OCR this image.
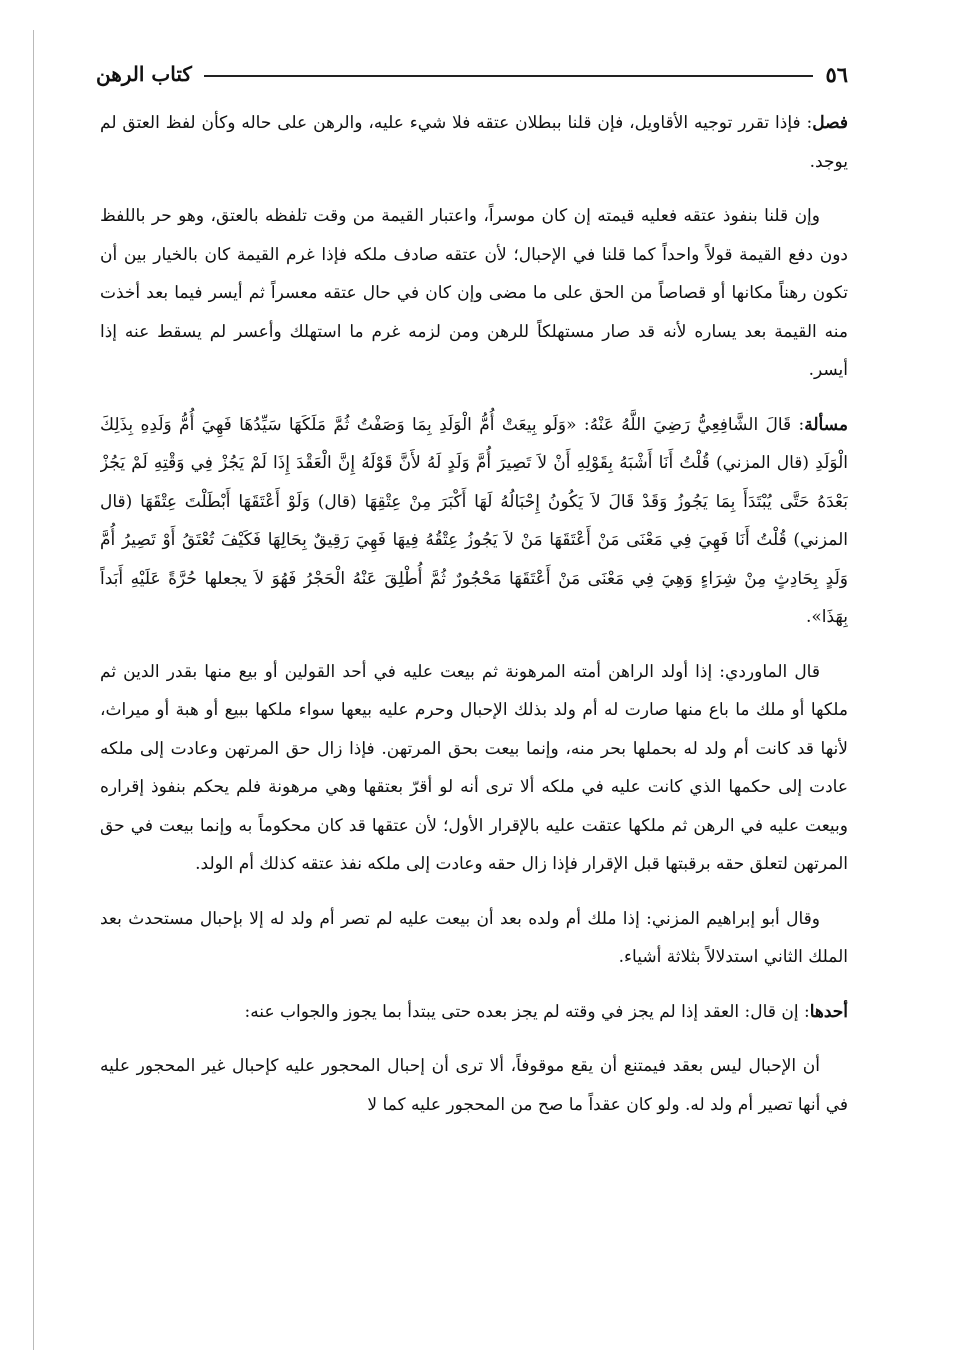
٥٦
كتاب الرهن

فصل: فإذا تقرر توجيه الأقاويل، فإن قلنا ببطلان عتقه فلا شيء عليه، والرهن على حاله وكأن لفظ العتق لم يوجد.

وإن قلنا بنفوذ عتقه فعليه قيمته إن كان موسراً، واعتبار القيمة من وقت تلفظه بالعتق، وهو حر باللفظ دون دفع القيمة قولاً واحداً كما قلنا في الإحبال؛ لأن عتقه صادف ملكه فإذا غرم القيمة كان بالخيار بين أن تكون رهناً مكانها أو قصاصاً من الحق على ما مضى وإن كان في حال عتقه معسراً ثم أيسر فيما بعد أخذت منه القيمة بعد يساره لأنه قد صار مستهلكاً للرهن ومن لزمه غرم ما استهلك وأعسر لم يسقط عنه إذا أيسر.

مسألة: قَالَ الشَّافِعِيُّ رَضِيَ اللَّهُ عَنْهُ: «وَلَو بِيعَتْ أُمُّ الْوَلَدِ بِمَا وَصَفْتُ ثُمَّ مَلَكَهَا سَيِّدُهَا فَهِيَ أُمُّ وَلَدِهِ بِذَلِكَ الْوَلَدِ (قال المزني) قُلْتُ أَنَا أَشْبَهُ بِقَوْلِهِ أَنْ لاَ تَصِيرَ أُمَّ وَلَدٍ لَهُ لأَنَّ قَوْلَهُ إِنَّ الْعَقْدَ إِذَا لَمْ يَجُزْ فِي وَقْتِهِ لَمْ يَجُزْ بَعْدَهُ حَتَّى يُبْتَدَأَ بِمَا يَجُوزُ وَقَدْ قَالَ لاَ يَكُونُ إِحْبَالُهُ لَهَا أَكْبَرَ مِنْ عِتْقِهَا (قال) وَلَوْ أَعْتَقَهَا أَبْطَلْتَ عِتْقَهَا (قال المزني) قُلْتُ أَنَا فَهِيَ فِي مَعْنَى مَنْ أَعْتَقَهَا مَنْ لاَ يَجُوزُ عِتْقُهُ فِيهَا فَهِيَ رَقِيقٌ بِحَالِهَا فَكَيْفَ تُعْتَقُ أَوْ تَصِيرُ أُمَّ وَلَدٍ بِحَادِثٍ مِنْ شِرَاءٍ وَهِيَ فِي مَعْنَى مَنْ أَعْتَقَهَا مَحْجُورٌ ثُمَّ أُطْلِقَ عَنْهُ الْحَجْرُ فَهُوَ لاَ يجعلها حُرَّةً عَلَيْهِ أَبَداً بِهَذَا».

قال الماوردي: إذا أولد الراهن أمته المرهونة ثم بيعت عليه في أحد القولين أو بيع منها بقدر الدين ثم ملكها أو ملك ما باع منها صارت له أم ولد بذلك الإحبال وحرم عليه بيعها سواء ملكها ببيع أو هبة أو ميراث، لأنها قد كانت أم ولد له بحملها بحر منه، وإنما بيعت بحق المرتهن. فإذا زال حق المرتهن وعادت إلى ملكه عادت إلى حكمها الذي كانت عليه في ملكه ألا ترى أنه لو أقرّ بعتقها وهي مرهونة فلم يحكم بنفوذ إقراره وبيعت عليه في الرهن ثم ملكها عتقت عليه بالإقرار الأول؛ لأن عتقها قد كان محكوماً به وإنما بيعت في حق المرتهن لتعلق حقه برقبتها قبل الإقرار فإذا زال حقه وعادت إلى ملكه نفذ عتقه كذلك أم الولد.

وقال أبو إبراهيم المزني: إذا ملك أم ولده بعد أن بيعت عليه لم تصر أم ولد له إلا بإحبال مستحدث بعد الملك الثاني استدلالاً بثلاثة أشياء.

أحدها: إن قال: العقد إذا لم يجز في وقته لم يجز بعده حتى يبتدأ بما يجوز والجواب عنه:

أن الإحبال ليس بعقد فيمتنع أن يقع موقوفاً، ألا ترى أن إحبال المحجور عليه كإحبال غير المحجور عليه في أنها تصير أم ولد له. ولو كان عقداً ما صح من المحجور عليه كما لا
